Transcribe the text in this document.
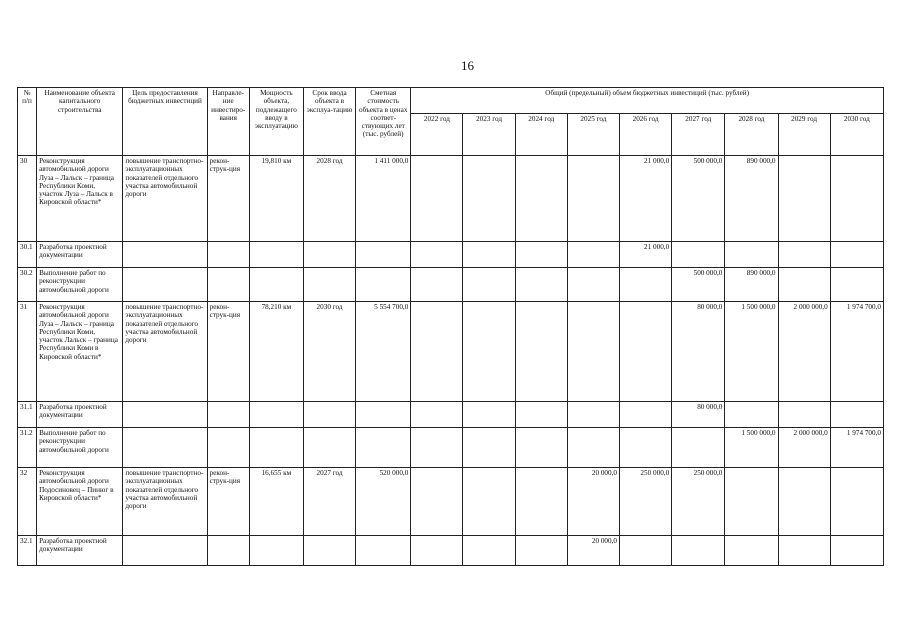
16
№ п/п	Наименование объекта капитального строительства	Цель предоставления бюджетных инвестиций	Направле-ние инвестиро-вания	Мощность объекта, подлежащего вводу в эксплуатацию	Срок ввода объекта в эксплуа-тацию	Сметная стоимость объекта в ценах соответ-ствующих лет (тыс. рублей)	Общий (предельный) объем бюджетных инвестиций (тыс. рублей)								
							2022 год	2023 год	2024 год	2025 год	2026 год	2027 год	2028 год	2029 год	2030 год
30	Реконструкция автомобильной дороги Луза – Лальск – граница Республики Коми, участок Луза – Лальск в Кировской области*	повышение транспортно-эксплуатационных показателей отдельного участка автомобильной дороги	рекон-струк-ция	19,810 км	2028 год	1 411 000,0					21 000,0	500 000,0	890 000,0		
30.1	Разработка проектной документации										21 000,0				
30.2	Выполнение работ по реконструкции автомобильной дороги											500 000,0	890 000,0		
31	Реконструкция автомобильной дороги Луза – Лальск – граница Республики Коми, участок Лальск – граница Республики Коми в Кировской области*	повышение транспортно-эксплуатационных показателей отдельного участка автомобильной дороги	рекон-струк-ция	78,210 км	2030 год	5 554 700,0						80 000,0	1 500 000,0	2 000 000,0	1 974 700,0
31.1	Разработка проектной документации											80 000,0			
31.2	Выполнение работ по реконструкции автомобильной дороги												1 500 000,0	2 000 000,0	1 974 700,0
32	Реконструкция автомобильной дороги Подосиновец – Пинюг в Кировской области*	повышение транспортно-эксплуатационных показателей отдельного участка автомобильной дороги	рекон-струк-ция	16,655 км	2027 год	520 000,0				20 000,0	250 000,0	250 000,0			
32.1	Разработка проектной документации									20 000,0					
